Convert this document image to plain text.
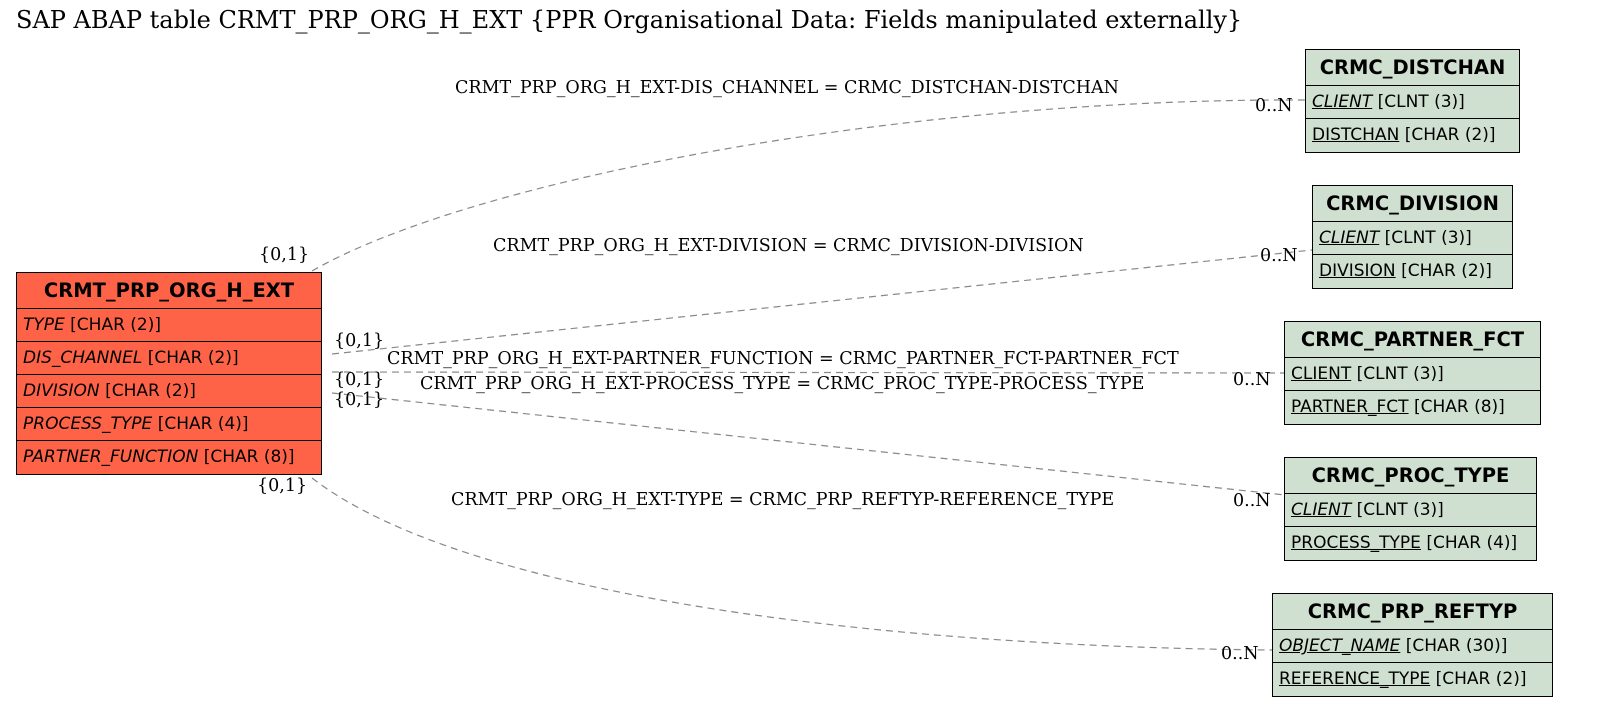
SAP ABAP table CRMT_PRP_ORG_H_EXT {PPR Organisational Data: Fields manipulated externally}
CRMT_PRP_ORG_H_EXT-DIS_CHANNEL = CRMC_DISTCHAN-DISTCHAN
CRMT_PRP_ORG_H_EXT-DIVISION = CRMC_DIVISION-DIVISION
CRMT_PRP_ORG_H_EXT-PARTNER_FUNCTION = CRMC_PARTNER_FCT-PARTNER_FCT
CRMT_PRP_ORG_H_EXT-PROCESS_TYPE = CRMC_PROC_TYPE-PROCESS_TYPE
CRMT_PRP_ORG_H_EXT-TYPE = CRMC_PRP_REFTYP-REFERENCE_TYPE
{0,1}
{0,1}
{0,1}
{0,1}
{0,1}
0..N
0..N
0..N
0..N
0..N
CRMT_PRP_ORG_H_EXT
TYPE [CHAR (2)]
DIS_CHANNEL [CHAR (2)]
DIVISION [CHAR (2)]
PROCESS_TYPE [CHAR (4)]
PARTNER_FUNCTION [CHAR (8)]
CRMC_DISTCHAN
CLIENT [CLNT (3)]
DISTCHAN [CHAR (2)]
CRMC_DIVISION
CLIENT [CLNT (3)]
DIVISION [CHAR (2)]
CRMC_PARTNER_FCT
CLIENT [CLNT (3)]
PARTNER_FCT [CHAR (8)]
CRMC_PROC_TYPE
CLIENT [CLNT (3)]
PROCESS_TYPE [CHAR (4)]
CRMC_PRP_REFTYP
OBJECT_NAME [CHAR (30)]
REFERENCE_TYPE [CHAR (2)]
